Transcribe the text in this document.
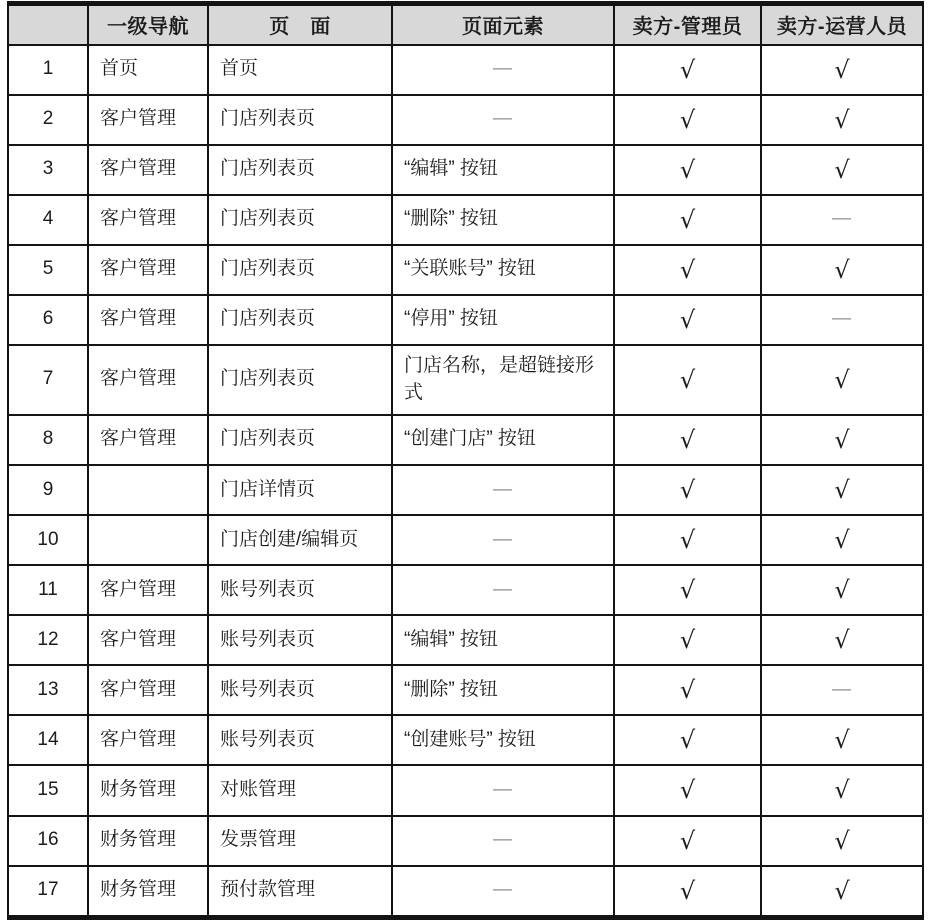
	一级导航	页　面	页面元素	卖方-管理员	卖方-运营人员
1	首页	首页	—	√	√
2	客户管理	门店列表页	—	√	√
3	客户管理	门店列表页	“编辑” 按钮	√	√
4	客户管理	门店列表页	“删除” 按钮	√	—
5	客户管理	门店列表页	“关联账号” 按钮	√	√
6	客户管理	门店列表页	“停用” 按钮	√	—
7	客户管理	门店列表页	门店名称，是超链接形式	√	√
8	客户管理	门店列表页	“创建门店” 按钮	√	√
9		门店详情页	—	√	√
10		门店创建/编辑页	—	√	√
11	客户管理	账号列表页	—	√	√
12	客户管理	账号列表页	“编辑” 按钮	√	√
13	客户管理	账号列表页	“删除” 按钮	√	—
14	客户管理	账号列表页	“创建账号” 按钮	√	√
15	财务管理	对账管理	—	√	√
16	财务管理	发票管理	—	√	√
17	财务管理	预付款管理	—	√	√
